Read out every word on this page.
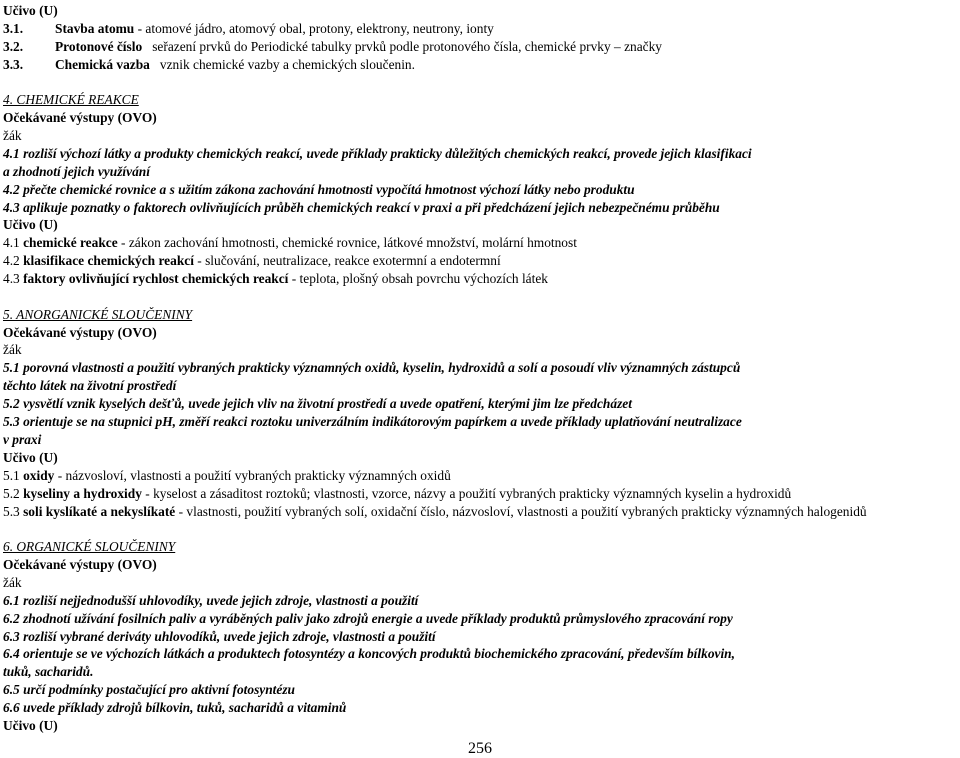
Učivo (U)
3.1. Stavba atomu - atomové jádro, atomový obal, protony, elektrony, neutrony, ionty
3.2. Protonové číslo   seřazení prvků do Periodické tabulky prvků podle protonového čísla, chemické prvky – značky
3.3. Chemická vazba   vznik chemické vazby a chemických sloučenin.
4. CHEMICKÉ REAKCE
Očekávané výstupy (OVO)
žák
4.1 rozliší výchozí látky a produkty chemických reakcí, uvede příklady prakticky důležitých chemických reakcí, provede jejich klasifikaci
a zhodnotí jejich využívání
4.2 přečte chemické rovnice a s užitím zákona zachování hmotnosti vypočítá hmotnost výchozí látky nebo produktu
4.3 aplikuje poznatky o faktorech ovlivňujících průběh chemických reakcí v praxi a při předcházení jejich nebezpečnému průběhu
Učivo (U)
4.1 chemické reakce - zákon zachování hmotnosti, chemické rovnice, látkové množství, molární hmotnost
4.2 klasifikace chemických reakcí - slučování, neutralizace, reakce exotermní a endotermní
4.3 faktory ovlivňující rychlost chemických reakcí - teplota, plošný obsah povrchu výchozích látek
5. ANORGANICKÉ SLOUČENINY
Očekávané výstupy (OVO)
žák
5.1 porovná vlastnosti a použití vybraných prakticky významných oxidů, kyselin, hydroxidů a solí a posoudí vliv významných zástupců
těchto látek na životní prostředí
5.2 vysvětlí vznik kyselých dešťů, uvede jejich vliv na životní prostředí a uvede opatření, kterými jim lze předcházet
5.3 orientuje se na stupnici pH, změří reakci roztoku univerzálním indikátorovým papírkem a uvede příklady uplatňování neutralizace
v praxi
Učivo (U)
5.1 oxidy - názvosloví, vlastnosti a použití vybraných prakticky významných oxidů
5.2 kyseliny a hydroxidy - kyselost a zásaditost roztoků; vlastnosti, vzorce, názvy a použití vybraných prakticky významných kyselin a hydroxidů
5.3 soli kyslíkaté a nekyslíkaté - vlastnosti, použití vybraných solí, oxidační číslo, názvosloví, vlastnosti a použití vybraných prakticky významných halogenidů
6. ORGANICKÉ SLOUČENINY
Očekávané výstupy (OVO)
žák
6.1 rozliší nejjednodušší uhlovodíky, uvede jejich zdroje, vlastnosti a použití
6.2 zhodnotí užívání fosilních paliv a vyráběných paliv jako zdrojů energie a uvede příklady produktů průmyslového zpracování ropy
6.3 rozliší vybrané deriváty uhlovodíků, uvede jejich zdroje, vlastnosti a použití
6.4 orientuje se ve výchozích látkách a produktech fotosyntézy a koncových produktů biochemického zpracování, především bílkovin,
tuků, sacharidů.
6.5 určí podmínky postačující pro aktivní fotosyntézu
6.6 uvede příklady zdrojů bílkovin, tuků, sacharidů a vitaminů
Učivo (U)
256
